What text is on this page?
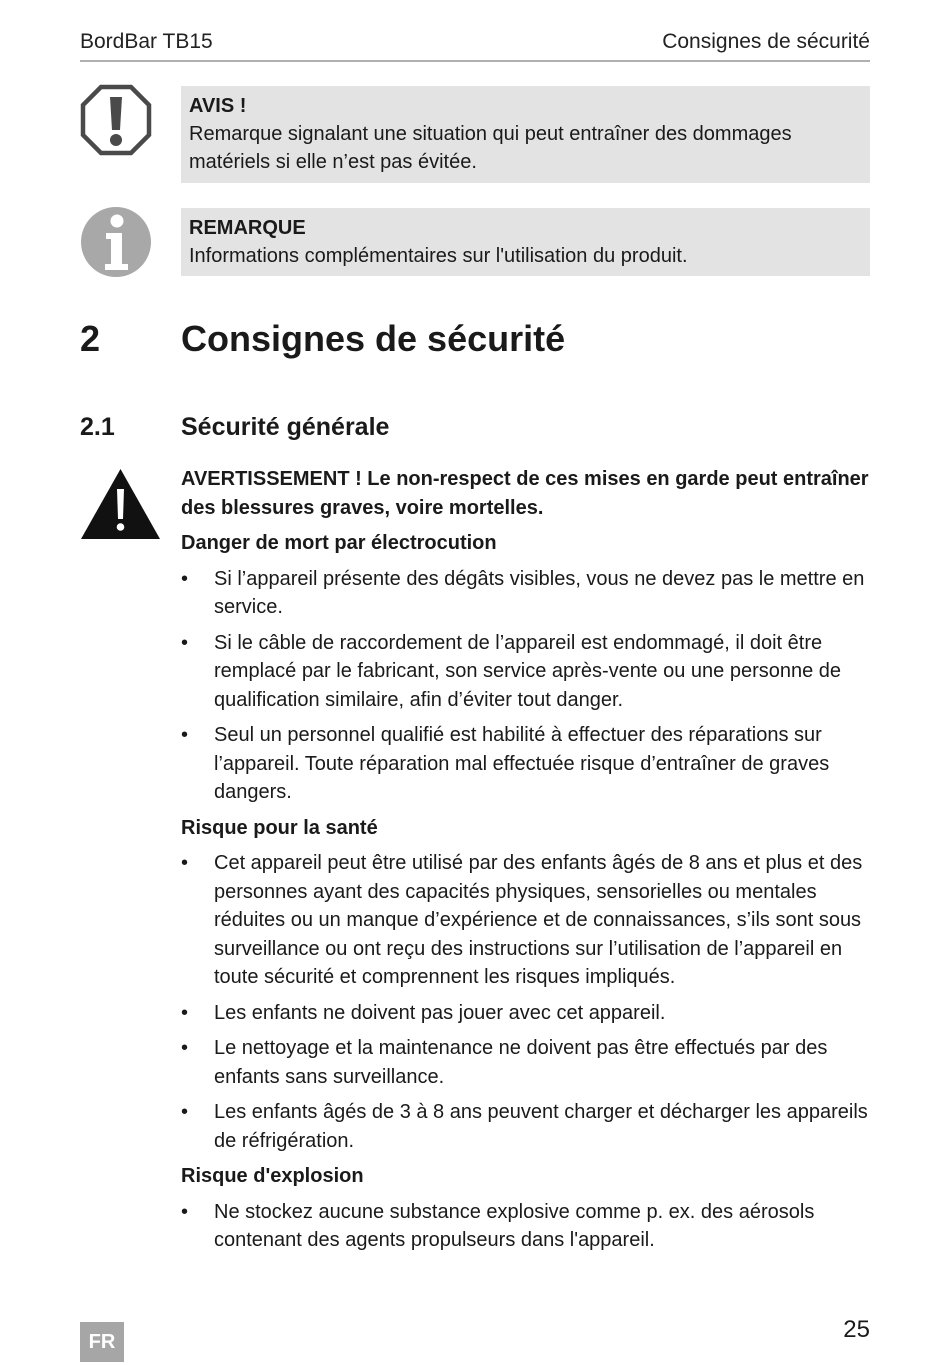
BordBar TB15	Consignes de sécurité
AVIS !
Remarque signalant une situation qui peut entraîner des dommages matériels si elle n’est pas évitée.
REMARQUE
Informations complémentaires sur l'utilisation du produit.
2 Consignes de sécurité
2.1	Sécurité générale
AVERTISSEMENT ! Le non-respect de ces mises en garde peut entraîner des blessures graves, voire mortelles.
Danger de mort par électrocution
• Si l’appareil présente des dégâts visibles, vous ne devez pas le mettre en service.
• Si le câble de raccordement de l’appareil est endommagé, il doit être remplacé par le fabricant, son service après-vente ou une personne de qualification similaire, afin d’éviter tout danger.
• Seul un personnel qualifié est habilité à effectuer des réparations sur l’appareil. Toute réparation mal effectuée risque d’entraîner de graves dangers.
Risque pour la santé
• Cet appareil peut être utilisé par des enfants âgés de 8 ans et plus et des personnes ayant des capacités physiques, sensorielles ou mentales réduites ou un manque d’expérience et de connaissances, s’ils sont sous surveillance ou ont reçu des instructions sur l’utilisation de l’appareil en toute sécurité et comprennent les risques impliqués.
• Les enfants ne doivent pas jouer avec cet appareil.
• Le nettoyage et la maintenance ne doivent pas être effectués par des enfants sans surveillance.
• Les enfants âgés de 3 à 8 ans peuvent charger et décharger les appareils de réfrigération.
Risque d'explosion
• Ne stockez aucune substance explosive comme p. ex. des aérosols contenant des agents propulseurs dans l'appareil.
FR	25
